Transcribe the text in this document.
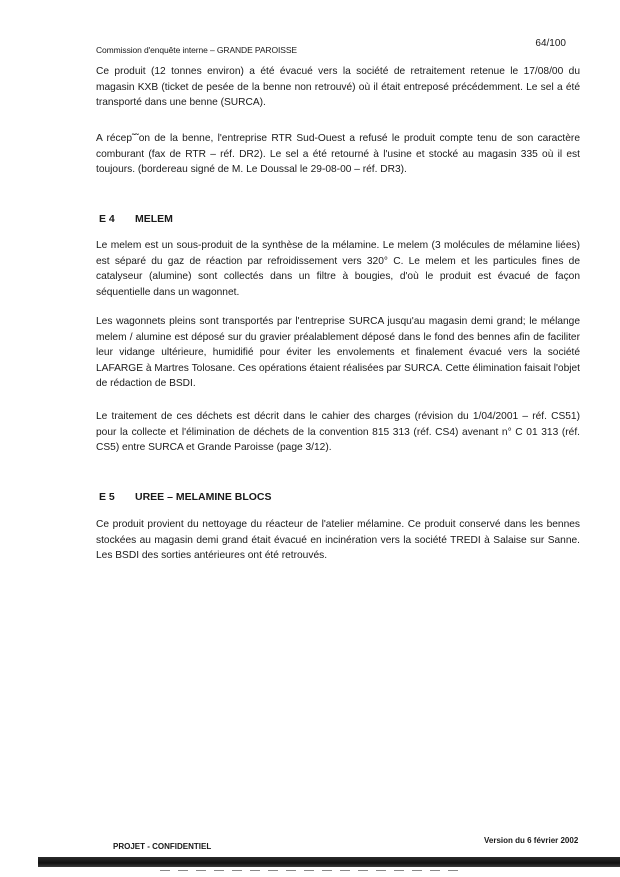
Commission d'enquête interne – GRANDE PAROISSE
64/100

Ce produit (12 tonnes environ) a été évacué vers la société de retraitement retenue le 17/08/00 du magasin KXB (ticket de pesée de la benne non retrouvé) où il était entreposé précédemment. Le sel a été transporté dans une benne (SURCA).

A récep˜˜on de la benne, l'entreprise RTR Sud-Ouest a refusé le produit compte tenu de son caractère comburant (fax de RTR – réf. DR2). Le sel a été retourné à l'usine et stocké au magasin 335 où il est toujours. (bordereau signé de M. Le Doussal le 29-08-00 – réf. DR3).

E 4 MELEM

Le melem est un sous-produit de la synthèse de la mélamine. Le melem (3 molécules de mélamine liées) est séparé du gaz de réaction par refroidissement vers 320° C. Le melem et les particules fines de catalyseur (alumine) sont collectés dans un filtre à bougies, d'où le produit est évacué de façon séquentielle dans un wagonnet.

Les wagonnets pleins sont transportés par l'entreprise SURCA jusqu'au magasin demi grand; le mélange melem / alumine est déposé sur du gravier préalablement déposé dans le fond des bennes afin de faciliter leur vidange ultérieure, humidifié pour éviter les envolements et finalement évacué vers la société LAFARGE à Martres Tolosane. Ces opérations étaient réalisées par SURCA. Cette élimination faisait l'objet de rédaction de BSDI.

Le traitement de ces déchets est décrit dans le cahier des charges (révision du 1/04/2001 – réf. CS51) pour la collecte et l'élimination de déchets de la convention 815 313 (réf. CS4) avenant n° C 01 313 (réf. CS5) entre SURCA et Grande Paroisse (page 3/12).

E 5 UREE – MELAMINE BLOCS

Ce produit provient du nettoyage du réacteur de l'atelier mélamine. Ce produit conservé dans les bennes stockées au magasin demi grand était évacué en incinération vers la société TREDI à Salaise sur Sanne. Les BSDI des sorties antérieures ont été retrouvés.

PROJET - CONFIDENTIEL
Version du 6 février 2002
